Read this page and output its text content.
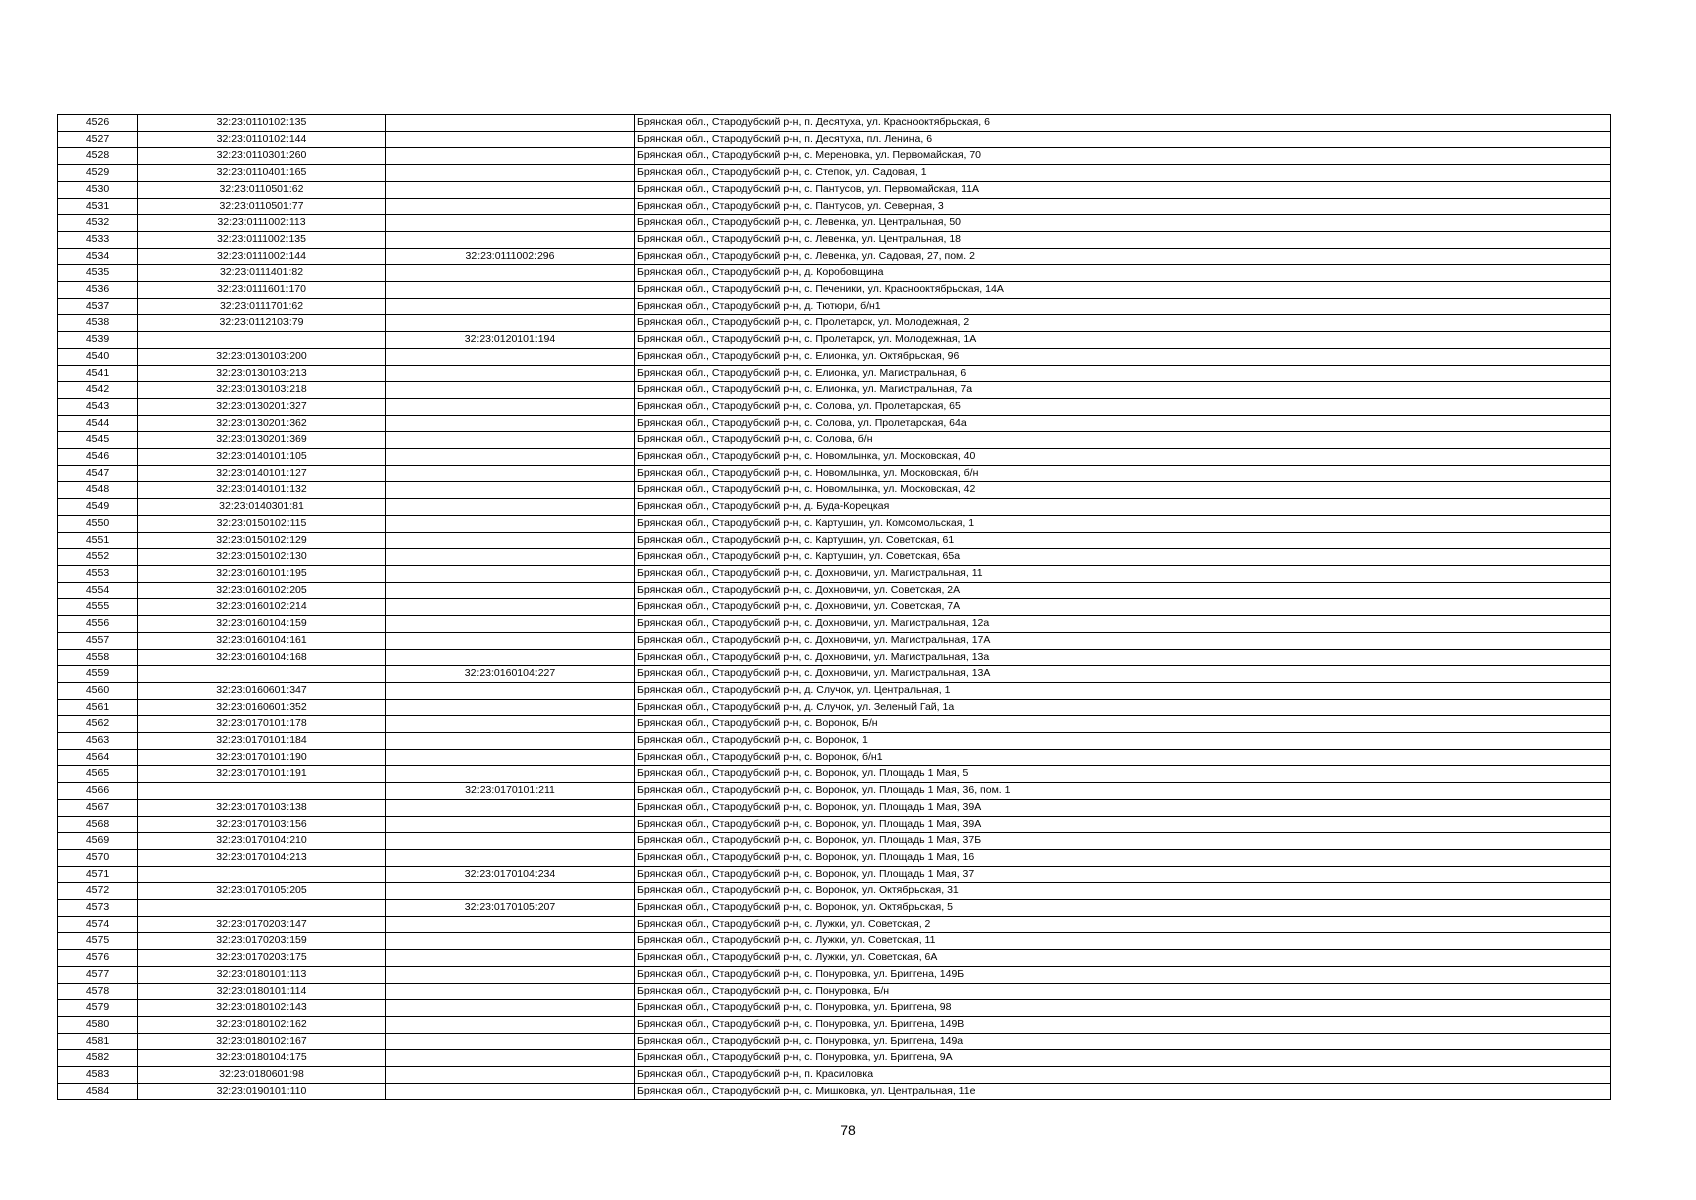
4526	32:23:0110102:135		Брянская обл., Стародубский р-н, п. Десятуха, ул. Краснооктябрьская, 6
4527	32:23:0110102:144		Брянская обл., Стародубский р-н, п. Десятуха, пл. Ленина, 6
4528	32:23:0110301:260		Брянская обл., Стародубский р-н, с. Мереновка, ул. Первомайская, 70
4529	32:23:0110401:165		Брянская обл., Стародубский р-н, с. Степок, ул. Садовая, 1
4530	32:23:0110501:62		Брянская обл., Стародубский р-н, с. Пантусов, ул. Первомайская, 11А
4531	32:23:0110501:77		Брянская обл., Стародубский р-н, с. Пантусов, ул. Северная, 3
4532	32:23:0111002:113		Брянская обл., Стародубский р-н, с. Левенка, ул. Центральная, 50
4533	32:23:0111002:135		Брянская обл., Стародубский р-н, с. Левенка, ул. Центральная, 18
4534	32:23:0111002:144	32:23:0111002:296	Брянская обл., Стародубский р-н, с. Левенка, ул. Садовая, 27, пом. 2
4535	32:23:0111401:82		Брянская обл., Стародубский р-н, д. Коробовщина
4536	32:23:0111601:170		Брянская обл., Стародубский р-н, с. Печеники, ул. Краснооктябрьская, 14А
4537	32:23:0111701:62		Брянская обл., Стародубский р-н, д. Тютюри, б/н1
4538	32:23:0112103:79		Брянская обл., Стародубский р-н, с. Пролетарск, ул. Молодежная, 2
4539		32:23:0120101:194	Брянская обл., Стародубский р-н, с. Пролетарск, ул. Молодежная, 1А
4540	32:23:0130103:200		Брянская обл., Стародубский р-н, с. Елионка, ул. Октябрьская, 96
4541	32:23:0130103:213		Брянская обл., Стародубский р-н, с. Елионка, ул. Магистральная, 6
4542	32:23:0130103:218		Брянская обл., Стародубский р-н, с. Елионка, ул. Магистральная, 7а
4543	32:23:0130201:327		Брянская обл., Стародубский р-н, с. Солова, ул. Пролетарская, 65
4544	32:23:0130201:362		Брянская обл., Стародубский р-н, с. Солова, ул. Пролетарская, 64а
4545	32:23:0130201:369		Брянская обл., Стародубский р-н, с. Солова, б/н
4546	32:23:0140101:105		Брянская обл., Стародубский р-н, с. Новомлынка, ул. Московская, 40
4547	32:23:0140101:127		Брянская обл., Стародубский р-н, с. Новомлынка, ул. Московская, б/н
4548	32:23:0140101:132		Брянская обл., Стародубский р-н, с. Новомлынка, ул. Московская, 42
4549	32:23:0140301:81		Брянская обл., Стародубский р-н, д. Буда-Корецкая
4550	32:23:0150102:115		Брянская обл., Стародубский р-н, с. Картушин, ул. Комсомольская, 1
4551	32:23:0150102:129		Брянская обл., Стародубский р-н, с. Картушин, ул. Советская, 61
4552	32:23:0150102:130		Брянская обл., Стародубский р-н, с. Картушин, ул. Советская, 65а
4553	32:23:0160101:195		Брянская обл., Стародубский р-н, с. Дохновичи, ул. Магистральная, 11
4554	32:23:0160102:205		Брянская обл., Стародубский р-н, с. Дохновичи, ул. Советская, 2А
4555	32:23:0160102:214		Брянская обл., Стародубский р-н, с. Дохновичи, ул. Советская, 7А
4556	32:23:0160104:159		Брянская обл., Стародубский р-н, с. Дохновичи, ул. Магистральная, 12а
4557	32:23:0160104:161		Брянская обл., Стародубский р-н, с. Дохновичи, ул. Магистральная, 17А
4558	32:23:0160104:168		Брянская обл., Стародубский р-н, с. Дохновичи, ул. Магистральная, 13а
4559		32:23:0160104:227	Брянская обл., Стародубский р-н, с. Дохновичи, ул. Магистральная, 13А
4560	32:23:0160601:347		Брянская обл., Стародубский р-н, д. Случок, ул. Центральная, 1
4561	32:23:0160601:352		Брянская обл., Стародубский р-н, д. Случок, ул. Зеленый Гай, 1а
4562	32:23:0170101:178		Брянская обл., Стародубский р-н, с. Воронок, Б/н
4563	32:23:0170101:184		Брянская обл., Стародубский р-н, с. Воронок, 1
4564	32:23:0170101:190		Брянская обл., Стародубский р-н, с. Воронок, б/н1
4565	32:23:0170101:191		Брянская обл., Стародубский р-н, с. Воронок, ул. Площадь 1 Мая, 5
4566		32:23:0170101:211	Брянская обл., Стародубский р-н, с. Воронок, ул. Площадь 1 Мая, 36, пом. 1
4567	32:23:0170103:138		Брянская обл., Стародубский р-н, с. Воронок, ул. Площадь 1 Мая, 39А
4568	32:23:0170103:156		Брянская обл., Стародубский р-н, с. Воронок, ул. Площадь 1 Мая, 39А
4569	32:23:0170104:210		Брянская обл., Стародубский р-н, с. Воронок, ул. Площадь 1 Мая, 37Б
4570	32:23:0170104:213		Брянская обл., Стародубский р-н, с. Воронок, ул. Площадь 1 Мая, 16
4571		32:23:0170104:234	Брянская обл., Стародубский р-н, с. Воронок, ул. Площадь 1 Мая, 37
4572	32:23:0170105:205		Брянская обл., Стародубский р-н, с. Воронок, ул. Октябрьская, 31
4573		32:23:0170105:207	Брянская обл., Стародубский р-н, с. Воронок, ул. Октябрьская, 5
4574	32:23:0170203:147		Брянская обл., Стародубский р-н, с. Лужки, ул. Советская, 2
4575	32:23:0170203:159		Брянская обл., Стародубский р-н, с. Лужки, ул. Советская, 11
4576	32:23:0170203:175		Брянская обл., Стародубский р-н, с. Лужки, ул. Советская, 6А
4577	32:23:0180101:113		Брянская обл., Стародубский р-н, с. Понуровка, ул. Бриггена, 149Б
4578	32:23:0180101:114		Брянская обл., Стародубский р-н, с. Понуровка, Б/н
4579	32:23:0180102:143		Брянская обл., Стародубский р-н, с. Понуровка, ул. Бриггена, 98
4580	32:23:0180102:162		Брянская обл., Стародубский р-н, с. Понуровка, ул. Бриггена, 149В
4581	32:23:0180102:167		Брянская обл., Стародубский р-н, с. Понуровка, ул. Бриггена, 149а
4582	32:23:0180104:175		Брянская обл., Стародубский р-н, с. Понуровка, ул. Бриггена, 9А
4583	32:23:0180601:98		Брянская обл., Стародубский р-н, п. Красиловка
4584	32:23:0190101:110		Брянская обл., Стародубский р-н, с. Мишковка, ул. Центральная, 11е
78
